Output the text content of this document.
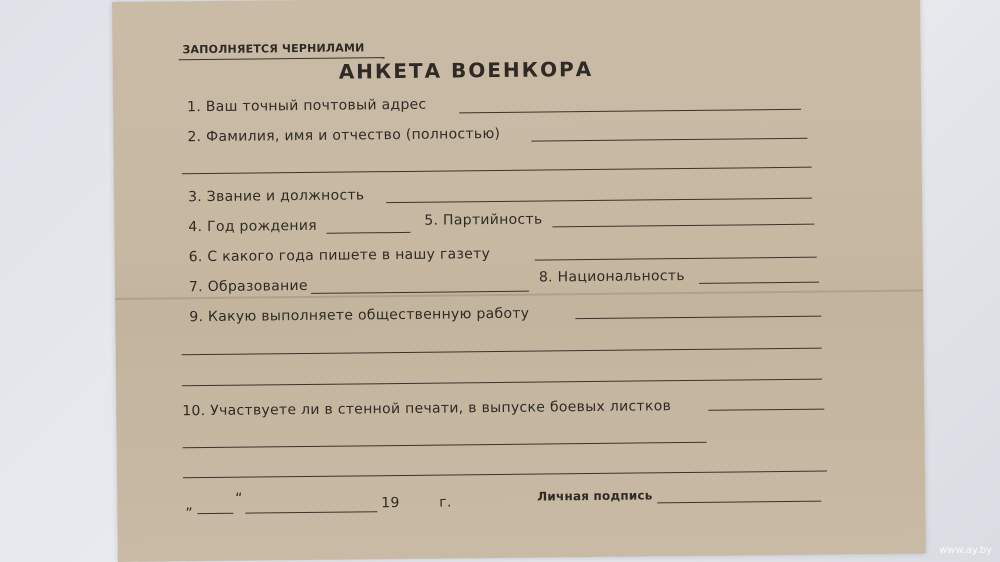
ЗАПОЛНЯЕТСЯ ЧЕРНИЛАМИ
АНКЕТА ВОЕНКОРА
1. Ваш точный почтовый адрес
2. Фамилия, имя и отчество (полностью)
3. Звание и должность
4. Год рождения	5. Партийность
6. С какого года пишете в нашу газету
7. Образование
8. Национальность
9. Какую выполняете общественную работу
10. Участвуете ли в стенной печати, в выпуске боевых листков
„	“	19	г.	Личная подпись
www.ay.by
